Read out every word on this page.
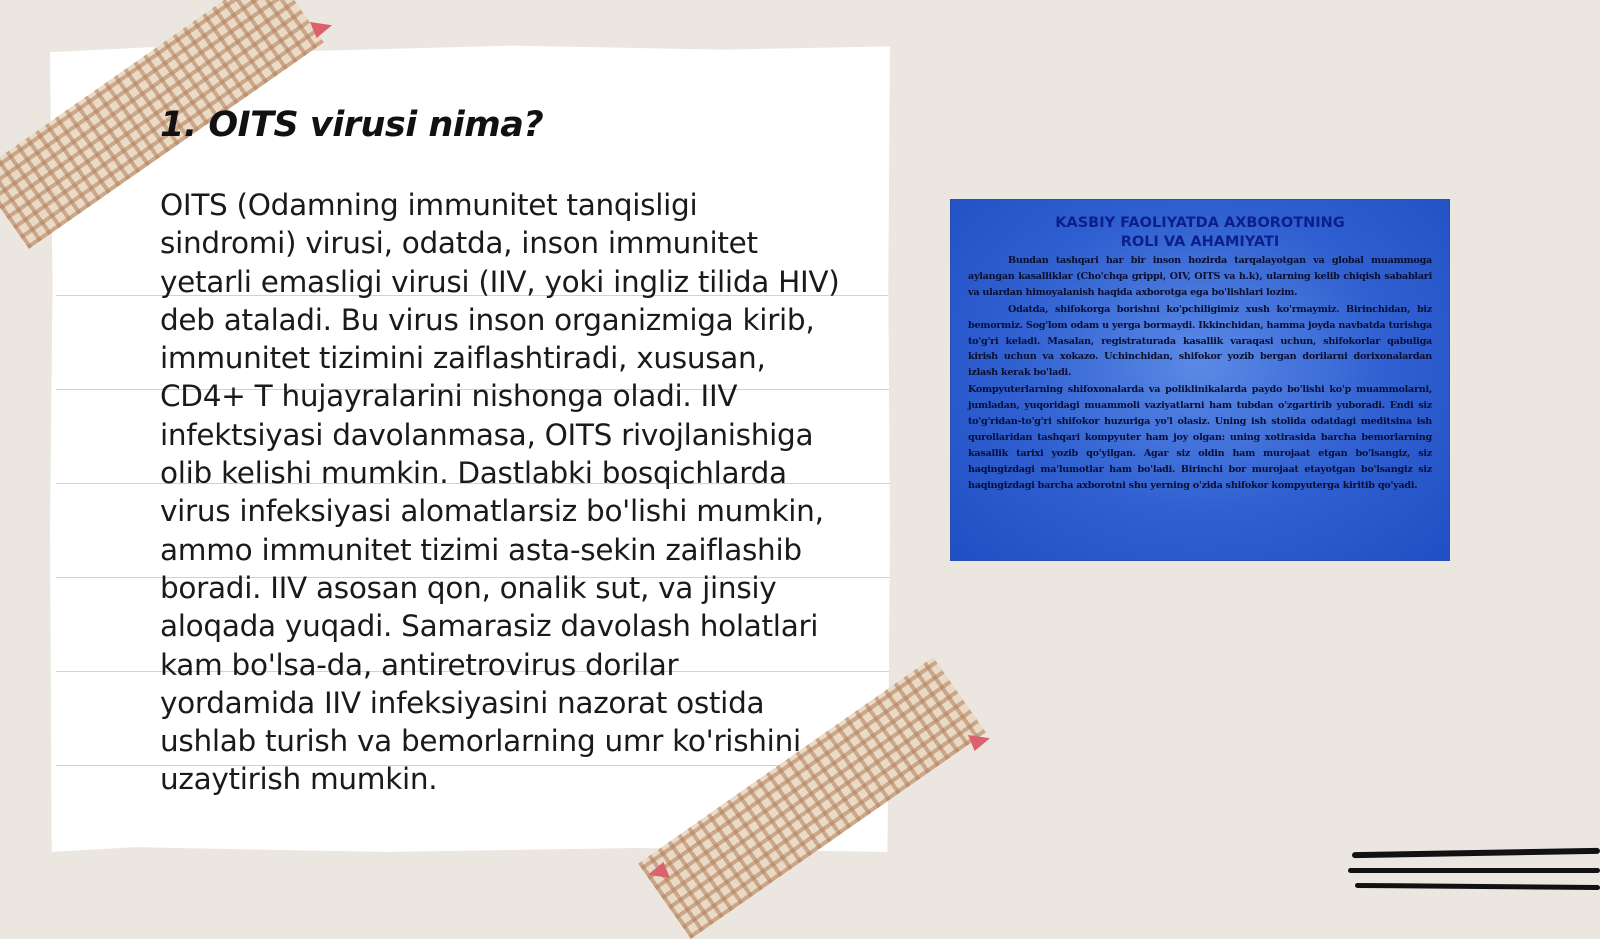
1. OITS virusi nima?

OITS (Odamning immunitet tanqisligi sindromi) virusi, odatda, inson immunitet yetarli emasligi virusi (IIV, yoki ingliz tilida HIV) deb ataladi. Bu virus inson organizmiga kirib, immunitet tizimini zaiflashtiradi, xususan, CD4+ T hujayralarini nishonga oladi. IIV infektsiyasi davolanmasa, OITS rivojlanishiga olib kelishi mumkin. Dastlabki bosqichlarda virus infeksiyasi alomatlarsiz bo'lishi mumkin, ammo immunitet tizimi asta-sekin zaiflashib boradi. IIV asosan qon, onalik sut, va jinsiy aloqada yuqadi. Samarasiz davolash holatlari kam bo'lsa-da, antiretrovirus dorilar yordamida IIV infeksiyasini nazorat ostida ushlab turish va bemorlarning umr ko'rishini uzaytirish mumkin.

KASBIY FAOLIYATDA AXBOROTNING

ROLI VA AHAMIYATI

Bundan tashqari har bir inson hozirda tarqalayotgan va global muammoga aylangan kasalliklar (Cho'chqa grippi, OIV, OITS va h.k), ularning kelib chiqish sabablari va ulardan himoyalanish haqida axborotga ega bo'lishlari lozim.

Odatda, shifokorga borishni ko'pchiligimiz xush ko'rmaymiz. Birinchidan, biz bemormiz. Sog'lom odam u yerga bormaydi. Ikkinchidan, hamma joyda navbatda turishga to'g'ri keladi. Masalan, registraturada kasallik varaqasi uchun, shifokorlar qabuliga kirish uchun va xokazo. Uchinchidan, shifokor yozib bergan dorilarni dorixonalardan izlash kerak bo'ladi.

Kompyuterlarning shifoxonalarda va poliklinikalarda paydo bo'lishi ko'p muammolarni, jumladan, yuqoridagi muammoli vaziyatlarni ham tubdan o'zgartirib yuboradi. Endi siz to'g'ridan-to'g'ri shifokor huzuriga yo'l olasiz. Uning ish stolida odatdagi meditsina ish qurollaridan tashqari kompyuter ham joy olgan: uning xotirasida barcha bemorlarning kasallik tarixi yozib qo'yilgan. Agar siz oldin ham murojaat etgan bo'lsangiz, siz haqingizdagi ma'lumotlar ham bo'ladi. Birinchi bor murojaat etayotgan bo'lsangiz siz haqingizdagi barcha axborotni shu yerning o'zida shifokor kompyuterga kiritib qo'yadi.
